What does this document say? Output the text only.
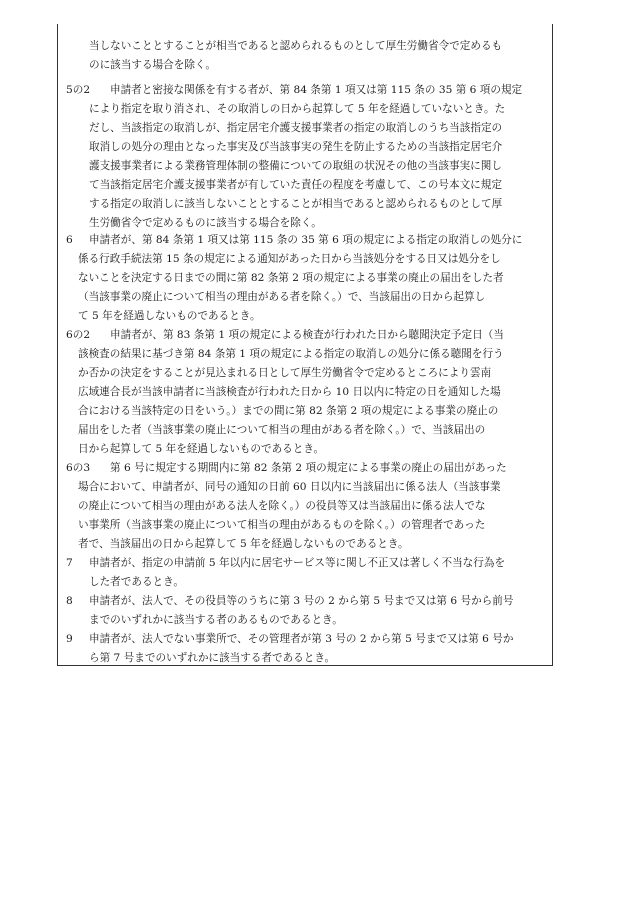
当しないこととすることが相当であると認められるものとして厚生労働省令で定めるも
のに該当する場合を除く。
5の2 申請者と密接な関係を有する者が、第 84 条第 1 項又は第 115 条の 35 第 6 項の規定
により指定を取り消され、その取消しの日から起算して 5 年を経過していないとき。た
だし、当該指定の取消しが、指定居宅介護支援事業者の指定の取消しのうち当該指定の
取消しの処分の理由となった事実及び当該事実の発生を防止するための当該指定居宅介
護支援事業者による業務管理体制の整備についての取組の状況その他の当該事実に関し
て当該指定居宅介護支援事業者が有していた責任の程度を考慮して、この号本文に規定
する指定の取消しに該当しないこととすることが相当であると認められるものとして厚
生労働省令で定めるものに該当する場合を除く。
6 申請者が、第 84 条第 1 項又は第 115 条の 35 第 6 項の規定による指定の取消しの処分に
係る行政手続法第 15 条の規定による通知があった日から当該処分をする日又は処分をし
ないことを決定する日までの間に第 82 条第 2 項の規定による事業の廃止の届出をした者
（当該事業の廃止について相当の理由がある者を除く。）で、当該届出の日から起算し
て 5 年を経過しないものであるとき。
6の2 申請者が、第 83 条第 1 項の規定による検査が行われた日から聴聞決定予定日（当
該検査の結果に基づき第 84 条第 1 項の規定による指定の取消しの処分に係る聴聞を行う
か否かの決定をすることが見込まれる日として厚生労働省令で定めるところにより雲南
広域連合長が当該申請者に当該検査が行われた日から 10 日以内に特定の日を通知した場
合における当該特定の日をいう。）までの間に第 82 条第 2 項の規定による事業の廃止の
届出をした者（当該事業の廃止について相当の理由がある者を除く。）で、当該届出の
日から起算して 5 年を経過しないものであるとき。
6の3 第 6 号に規定する期間内に第 82 条第 2 項の規定による事業の廃止の届出があった
場合において、申請者が、同号の通知の日前 60 日以内に当該届出に係る法人（当該事業
の廃止について相当の理由がある法人を除く。）の役員等又は当該届出に係る法人でな
い事業所（当該事業の廃止について相当の理由があるものを除く。）の管理者であった
者で、当該届出の日から起算して 5 年を経過しないものであるとき。
7 申請者が、指定の申請前 5 年以内に居宅サービス等に関し不正又は著しく不当な行為を
した者であるとき。
8 申請者が、法人で、その役員等のうちに第 3 号の 2 から第 5 号まで又は第 6 号から前号
までのいずれかに該当する者のあるものであるとき。
9 申請者が、法人でない事業所で、その管理者が第 3 号の 2 から第 5 号まで又は第 6 号か
ら第 7 号までのいずれかに該当する者であるとき。
